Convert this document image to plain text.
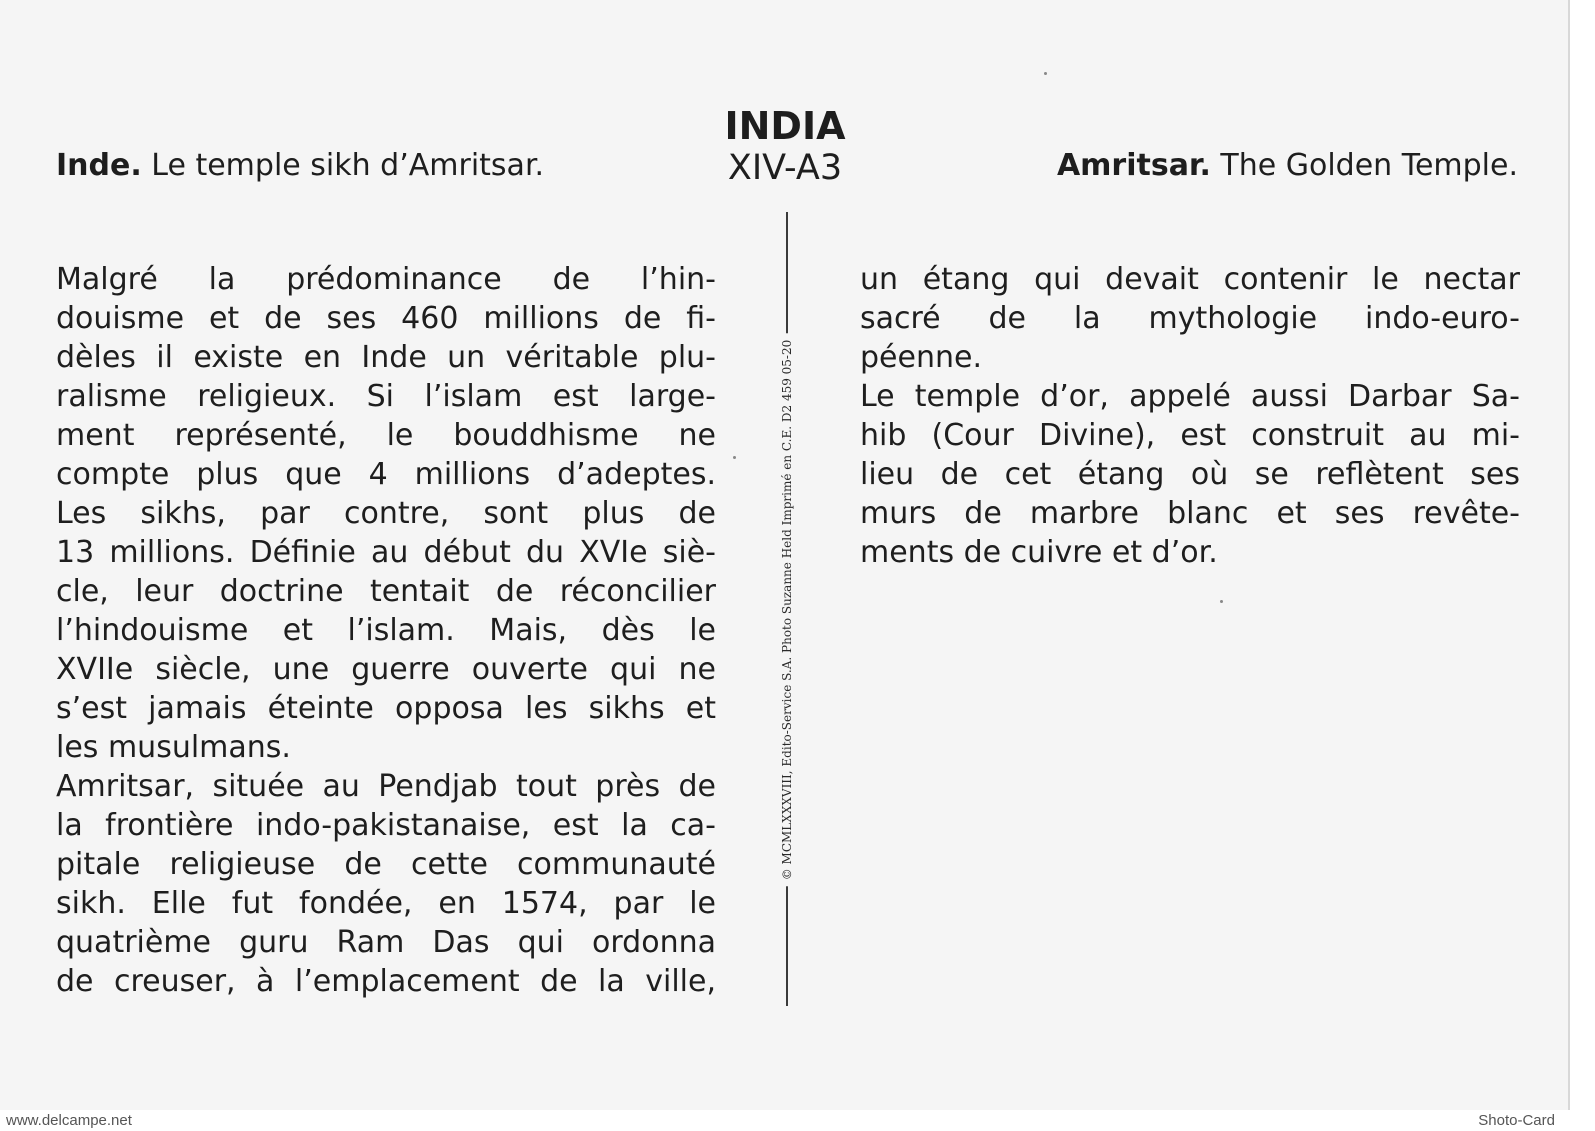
INDIA
XIV-A3
Inde. Le temple sikh d’Amritsar.	Amritsar. The Golden Temple.
© MCMLXXXVIII, Edito-Service S.A. Photo Suzanne Held Imprimé en C.E. D2 459 05-20
Malgré la prédominance de l’hin-
douisme et de ses 460 millions de fi-
dèles il existe en Inde un véritable plu-
ralisme religieux. Si l’islam est large-
ment représenté, le bouddhisme ne
compte plus que 4 millions d’adeptes.
Les sikhs, par contre, sont plus de
13 millions. Définie au début du XVIe siè-
cle, leur doctrine tentait de réconcilier
l’hindouisme et l’islam. Mais, dès le
XVIIe siècle, une guerre ouverte qui ne
s’est jamais éteinte opposa les sikhs et
les musulmans.
Amritsar, située au Pendjab tout près de
la frontière indo-pakistanaise, est la ca-
pitale religieuse de cette communauté
sikh. Elle fut fondée, en 1574, par le
quatrième guru Ram Das qui ordonna
de creuser, à l’emplacement de la ville,
un étang qui devait contenir le nectar
sacré de la mythologie indo-euro-
péenne.
Le temple d’or, appelé aussi Darbar Sa-
hib (Cour Divine), est construit au mi-
lieu de cet étang où se reflètent ses
murs de marbre blanc et ses revête-
ments de cuivre et d’or.
www.delcampe.net	Shoto-Card
